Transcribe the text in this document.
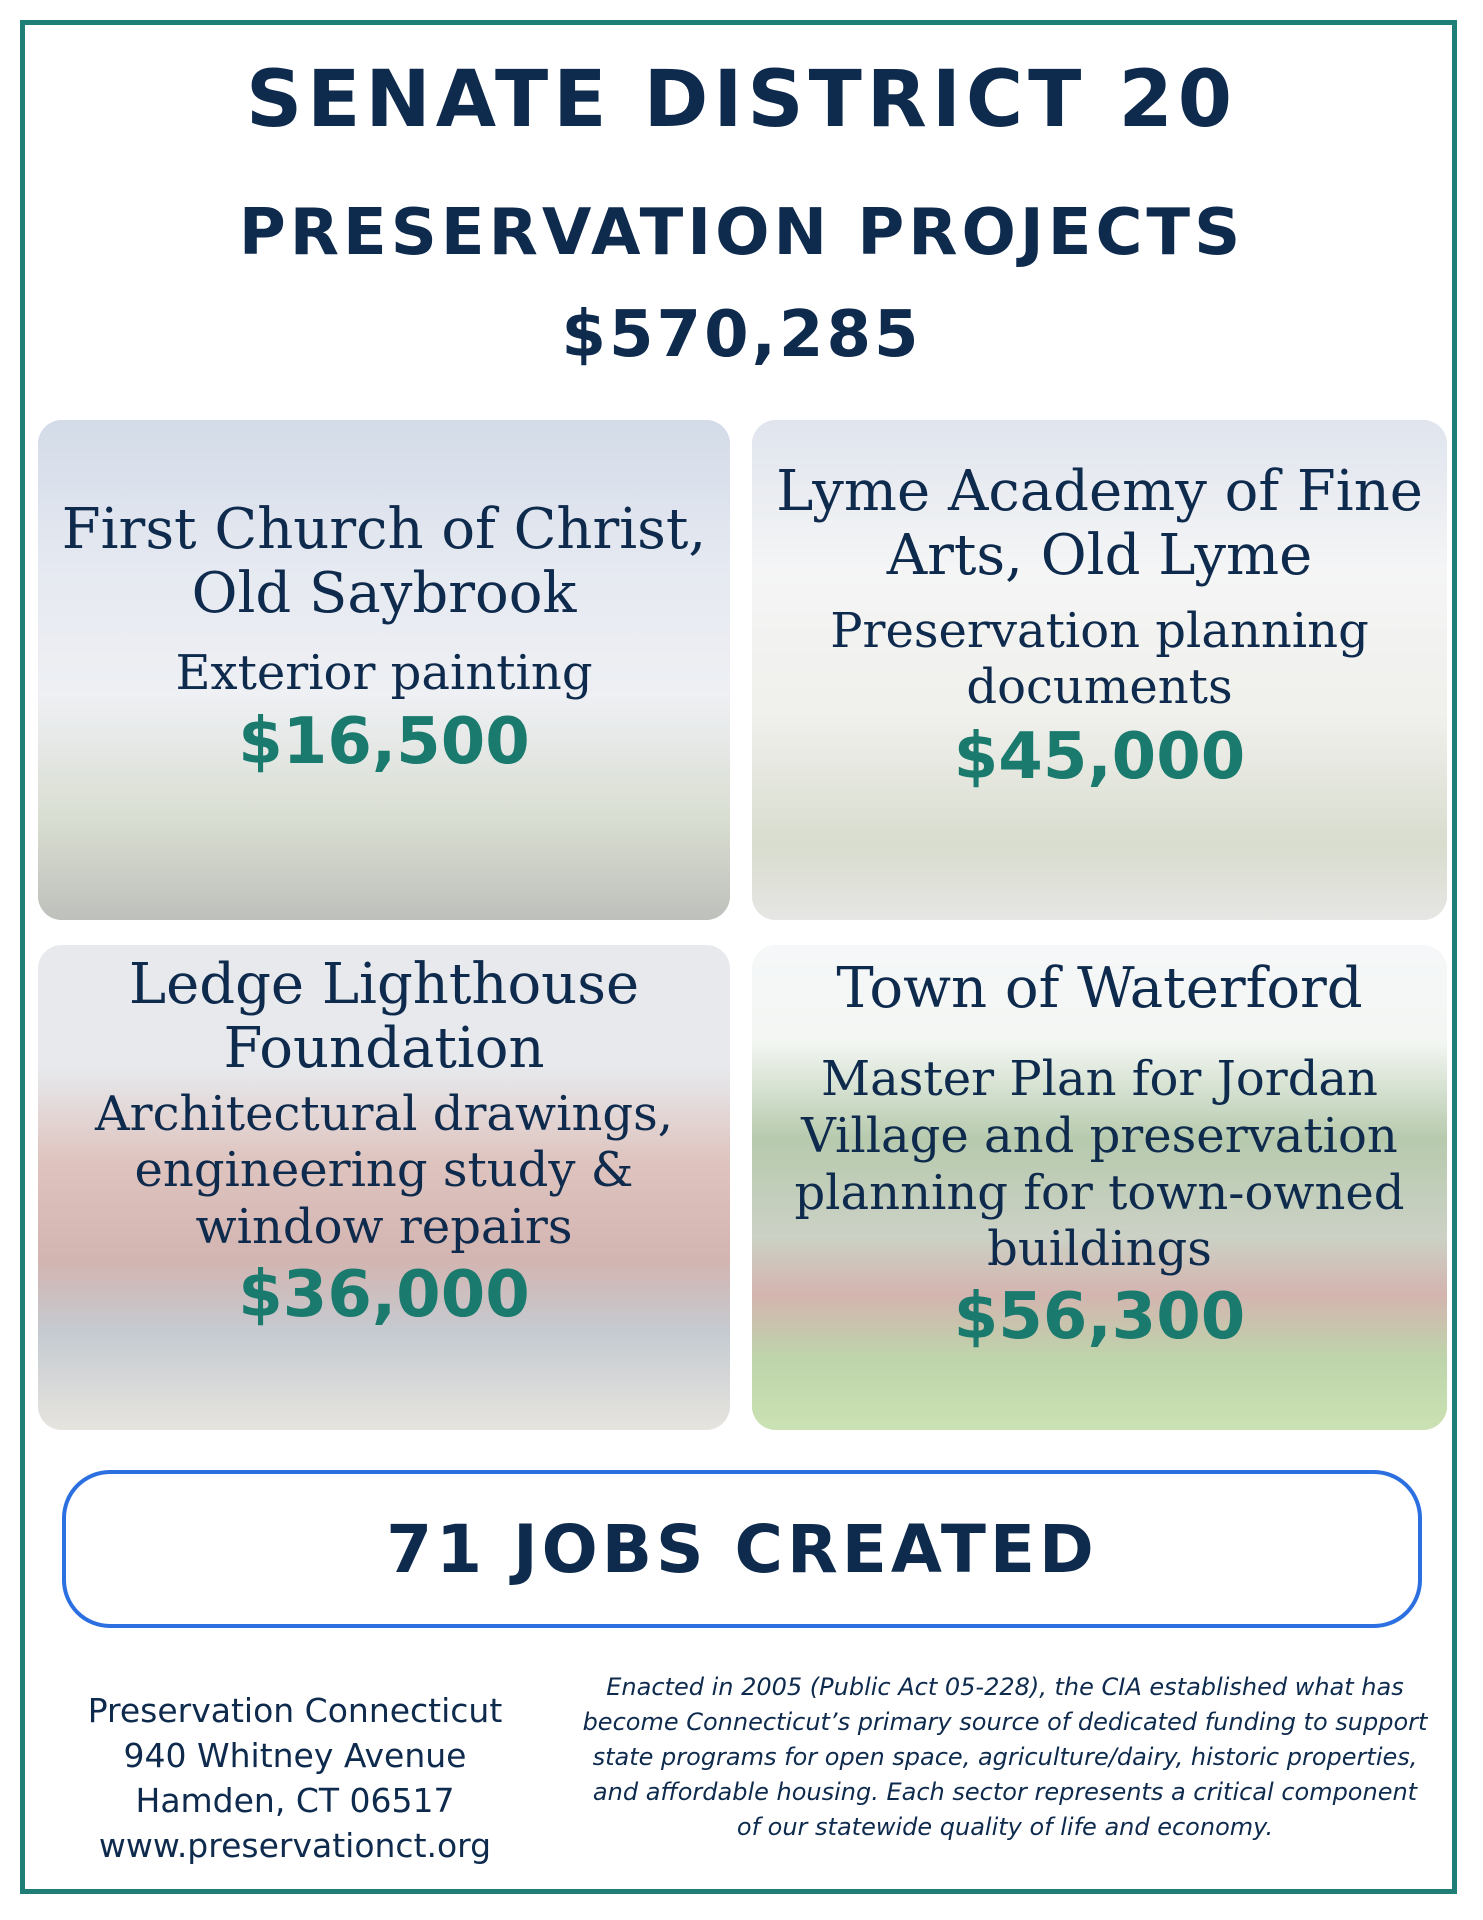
SENATE DISTRICT 20
PRESERVATION PROJECTS
$570,285
First Church of Christ, Old Saybrook
Exterior painting
$16,500
Lyme Academy of Fine Arts, Old Lyme
Preservation planning documents
$45,000
Ledge Lighthouse Foundation
Architectural drawings, engineering study & window repairs
$36,000
Town of Waterford
Master Plan for Jordan Village and preservation planning for town-owned buildings
$56,300
71 JOBS CREATED
Preservation Connecticut
940 Whitney Avenue
Hamden, CT 06517
www.preservationct.org
Enacted in 2005 (Public Act 05-228), the CIA established what has become Connecticut’s primary source of dedicated funding to support state programs for open space, agriculture/dairy, historic properties, and affordable housing. Each sector represents a critical component of our statewide quality of life and economy.
